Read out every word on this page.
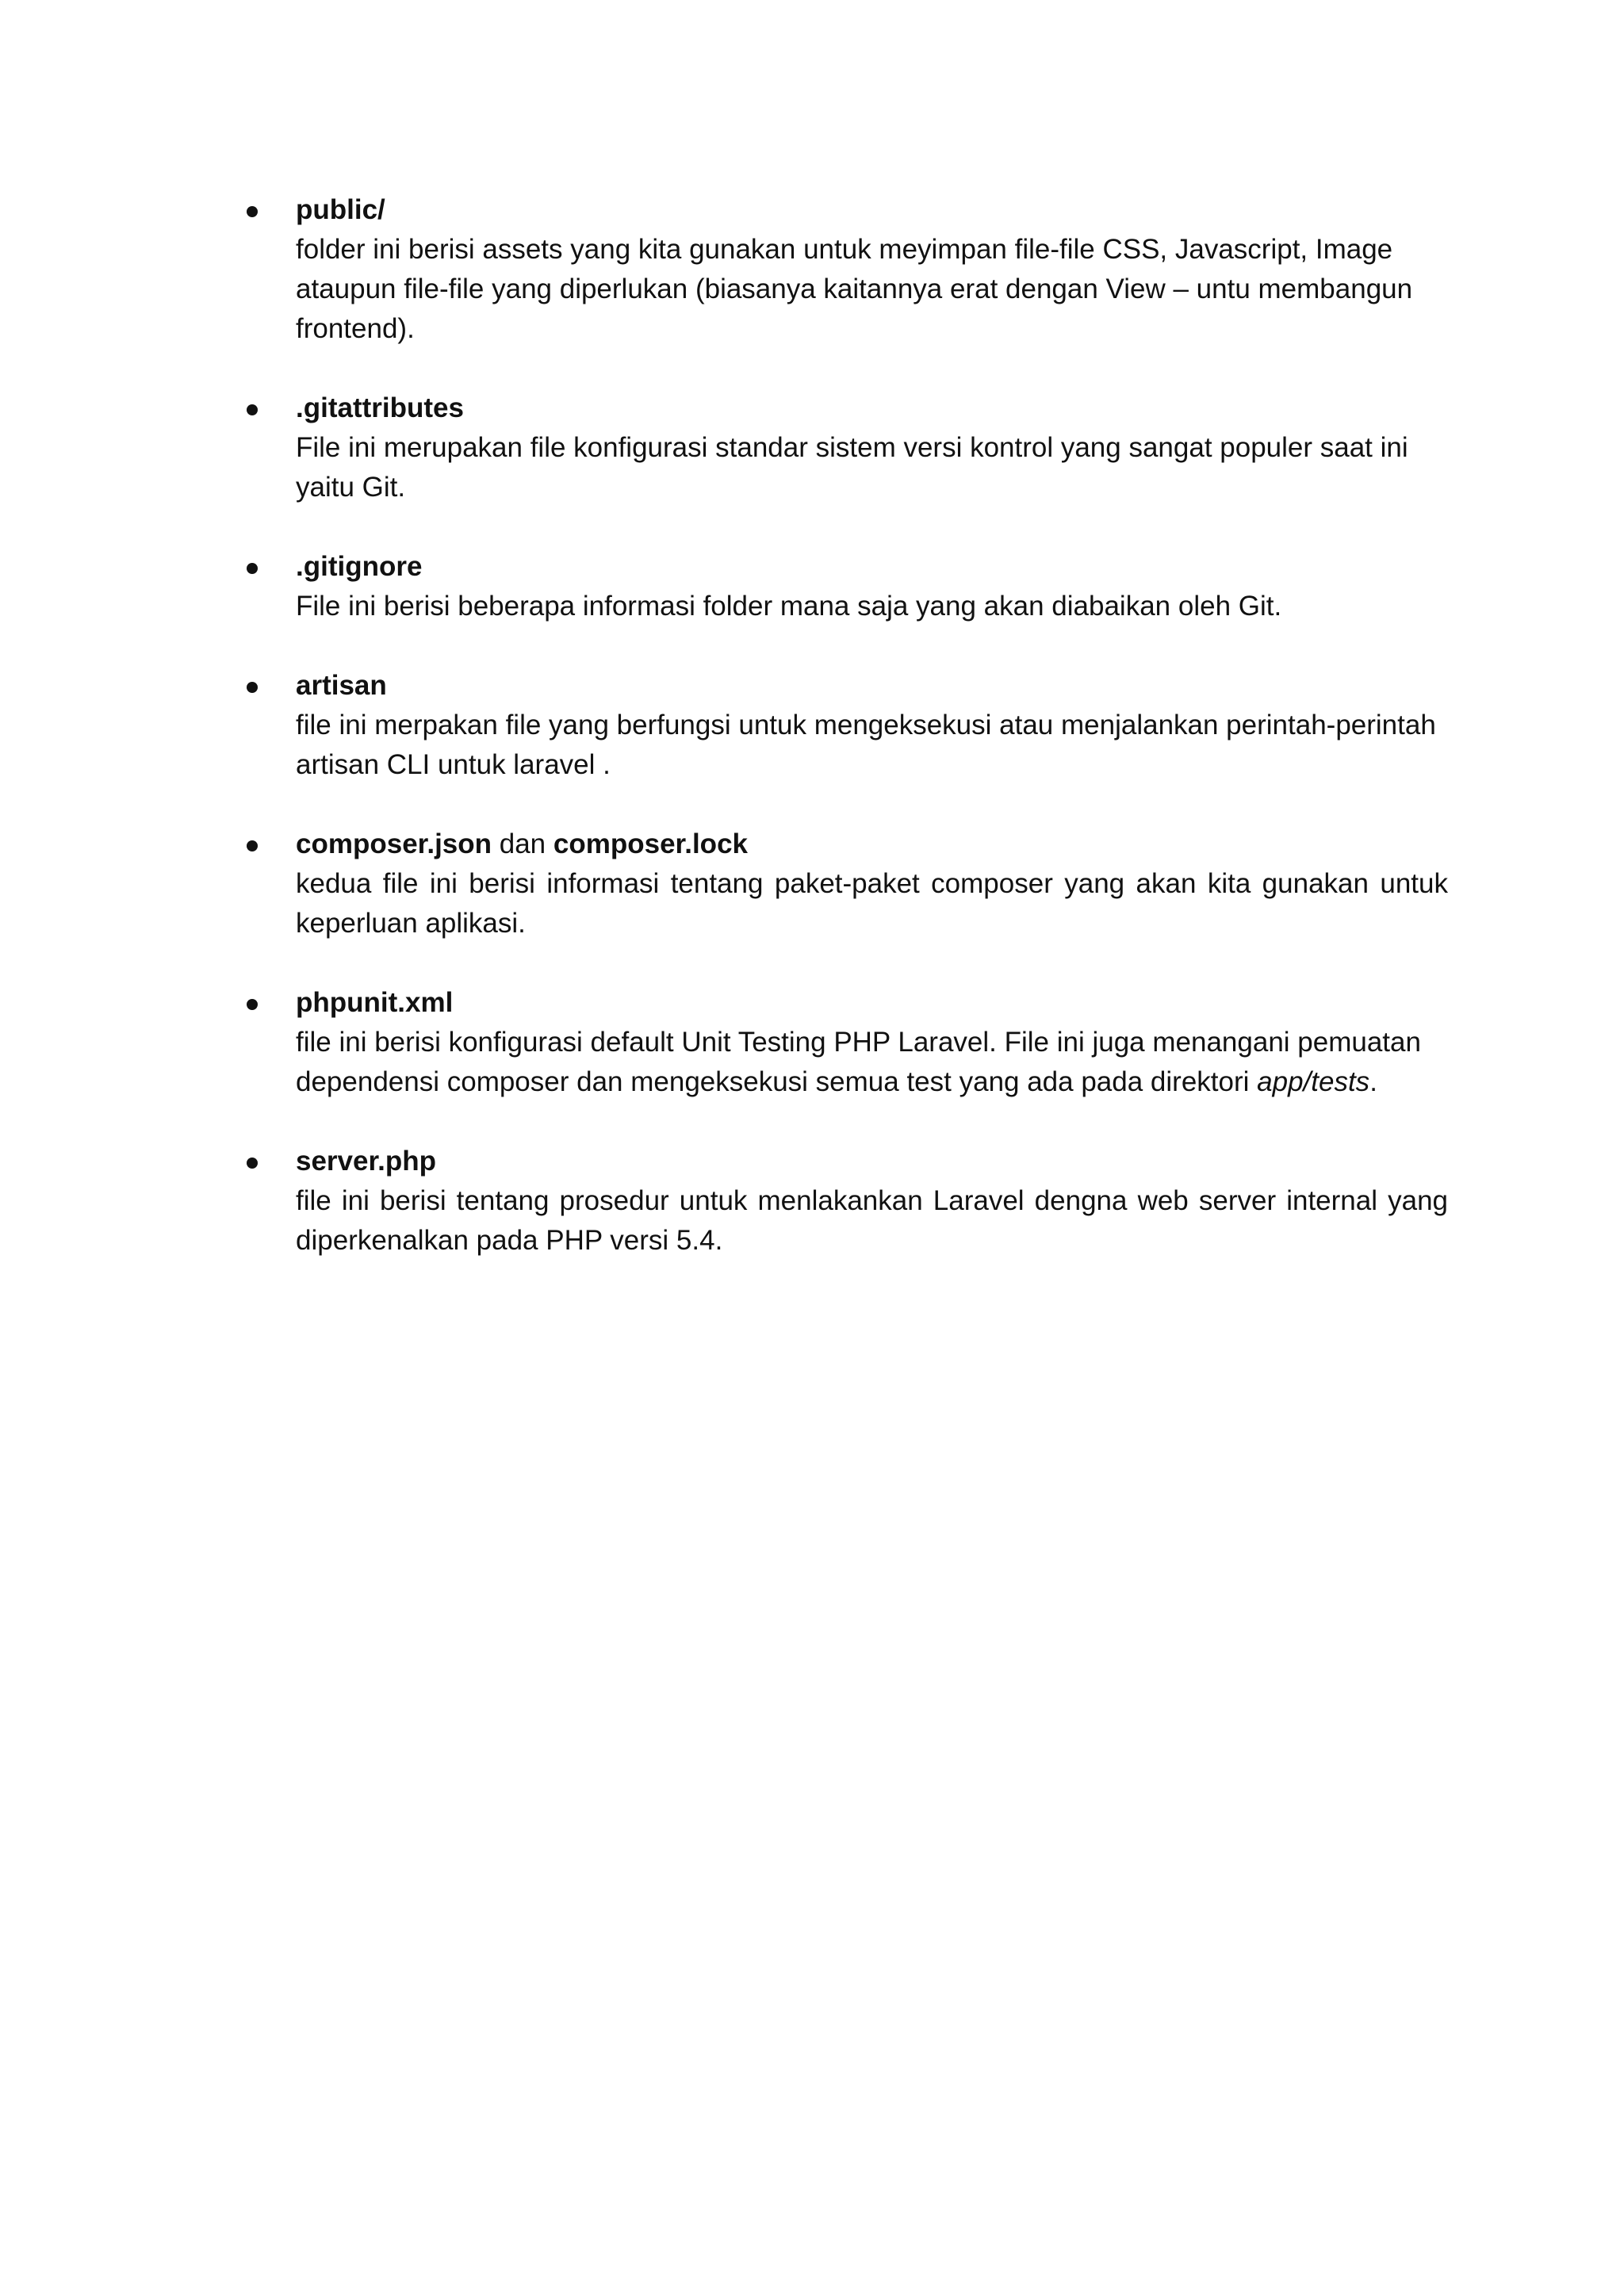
public/
folder ini berisi assets yang kita gunakan untuk meyimpan file-file CSS, Javascript, Image ataupun file-file yang diperlukan (biasanya kaitannya erat dengan View – untu membangun frontend).
.gitattributes
File ini merupakan file konfigurasi standar sistem versi kontrol yang sangat populer saat ini yaitu Git.
.gitignore
File ini berisi beberapa informasi folder mana saja yang akan diabaikan oleh Git.
artisan
file ini merpakan file yang berfungsi untuk mengeksekusi atau menjalankan perintah-perintah artisan CLI untuk laravel .
composer.json dan composer.lock
kedua file ini berisi informasi tentang paket-paket composer yang akan kita gunakan untuk keperluan aplikasi.
phpunit.xml
file ini berisi konfigurasi default Unit Testing PHP Laravel. File ini juga menangani pemuatan dependensi composer dan mengeksekusi semua test yang ada pada direktori app/tests.
server.php
file ini berisi tentang prosedur untuk menlakankan Laravel dengna web server internal yang diperkenalkan pada PHP versi 5.4.
